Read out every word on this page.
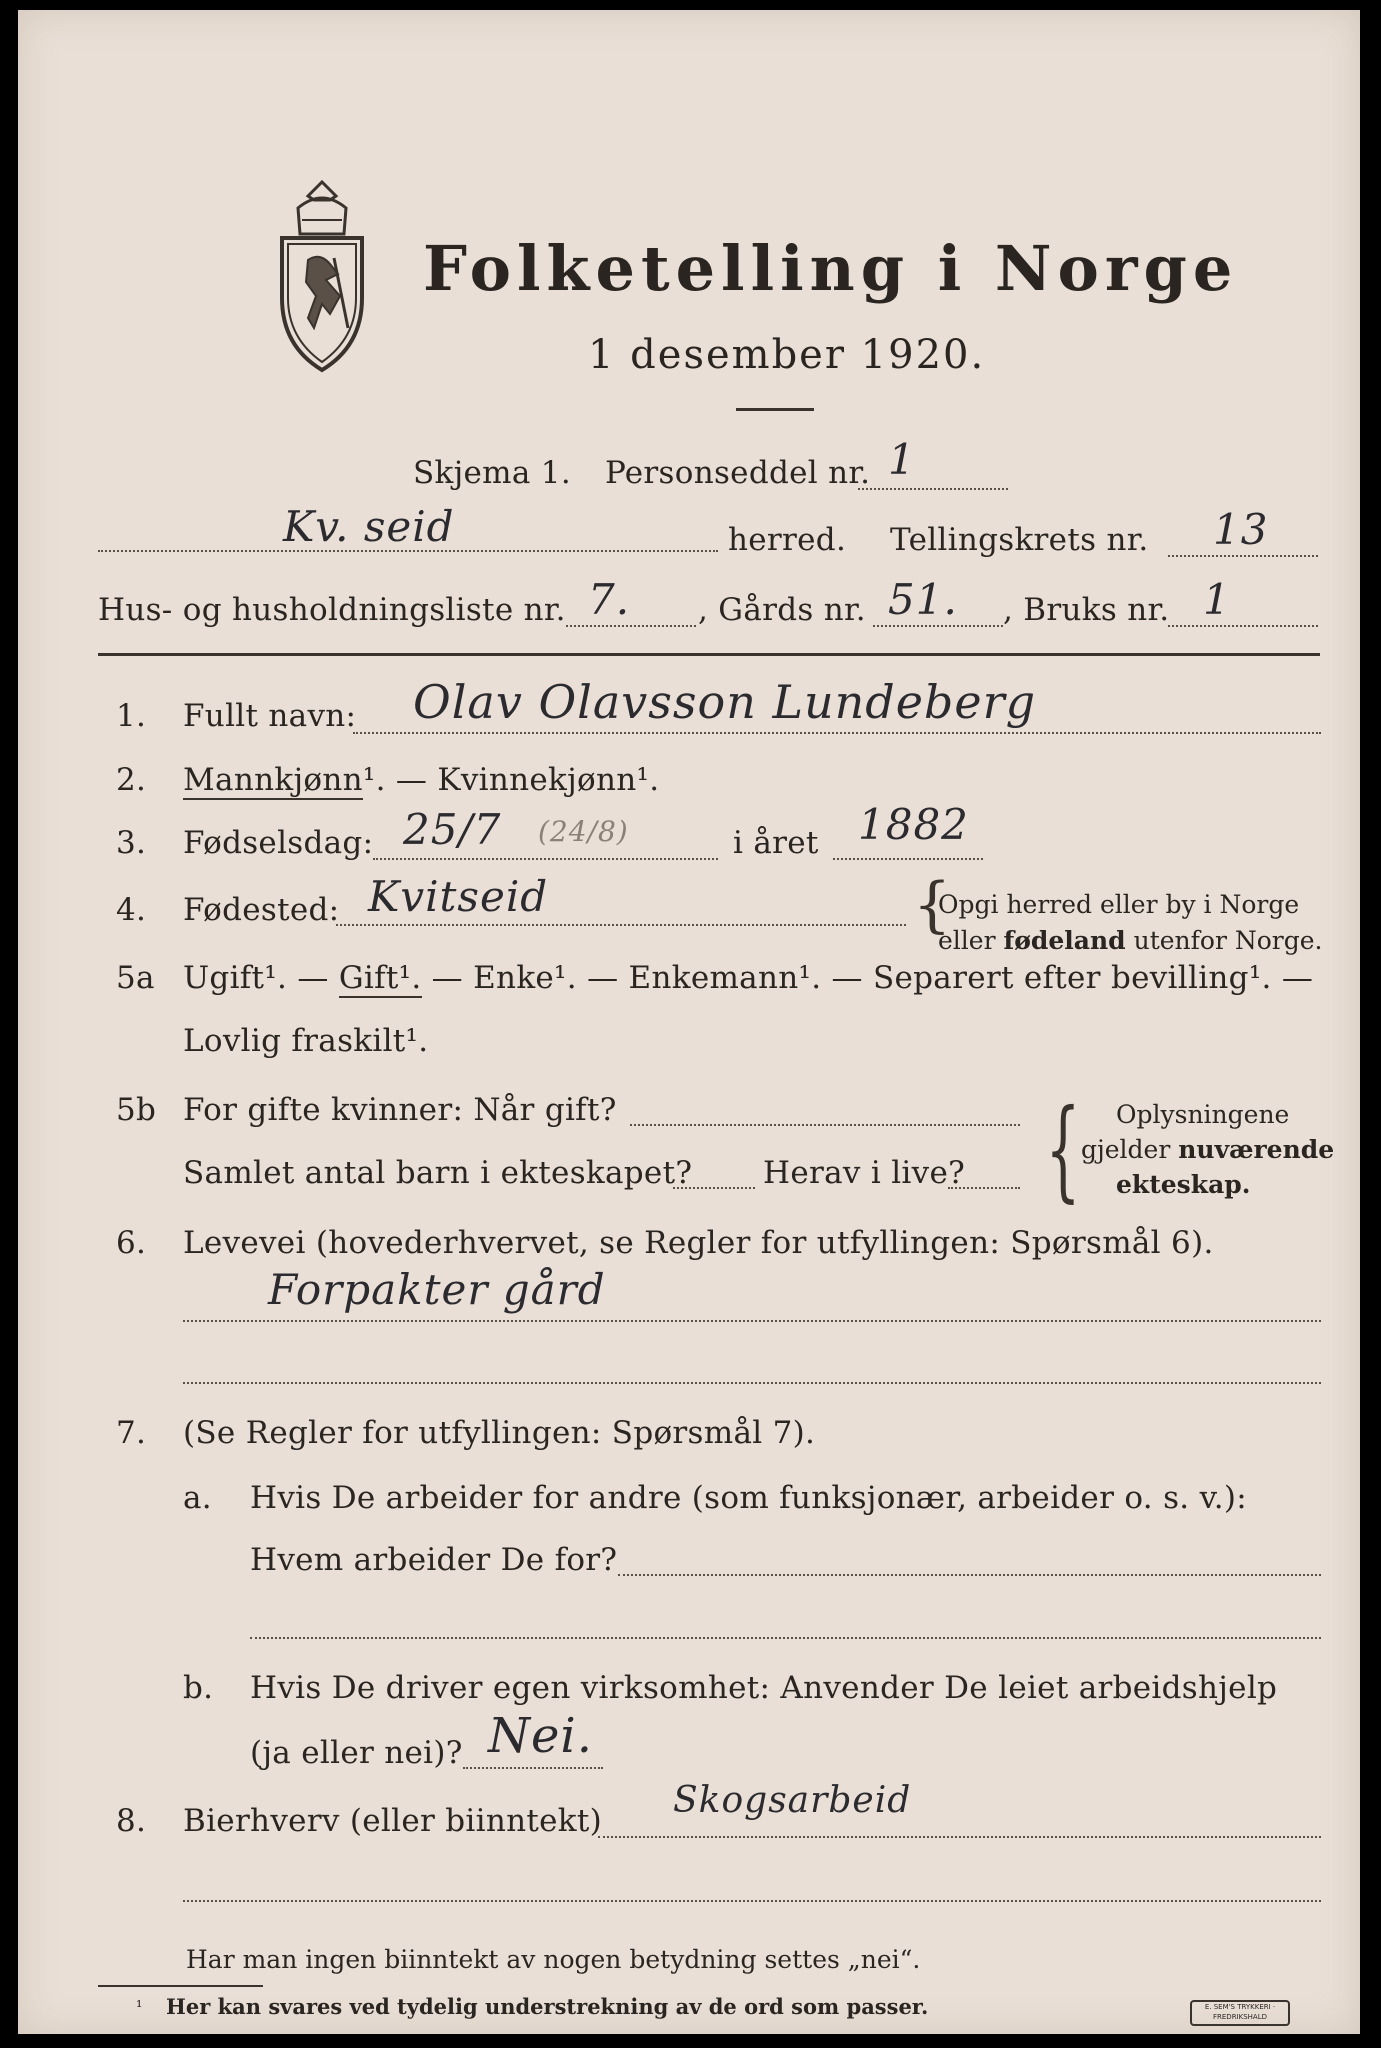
Folketelling i Norge
1 desember 1920.
Skjema 1. Personseddel nr. 1
Kv. seid	herred. Tellingskrets nr. 13
Hus- og husholdningsliste nr. 7. , Gårds nr. 51. , Bruks nr. 1
1. Fullt navn: Olav Olavsson Lundeberg
2. Mannkjønn¹. — Kvinnekjønn¹.
3. Fødselsdag: 25/7 (24/8)	i året 1882
4. Fødested: Kvitseid	{
Opgi herred eller by i Norge
eller fødeland utenfor Norge.
5a Ugift¹. — Gift¹. — Enke¹. — Enkemann¹. — Separert efter bevilling¹. —
Lovlig fraskilt¹.
5b For gifte kvinner: Når gift?
Samlet antal barn i ekteskapet? Herav i live? { Oplysningene
gjelder nuværende
ekteskap.
6. Levevei (hovederhvervet, se Regler for utfyllingen: Spørsmål 6).
Forpakter gård
7. (Se Regler for utfyllingen: Spørsmål 7).
a. Hvis De arbeider for andre (som funksjonær, arbeider o. s. v.):
Hvem arbeider De for?
b. Hvis De driver egen virksomhet: Anvender De leiet arbeidshjelp
(ja eller nei)? Nei.
8. Bierhverv (eller biinntekt) Skogsarbeid
Har man ingen biinntekt av nogen betydning settes „nei“.
¹ Her kan svares ved tydelig understrekning av de ord som passer.	E. SEM'S TRYKKERI · FREDRIKSHALD
